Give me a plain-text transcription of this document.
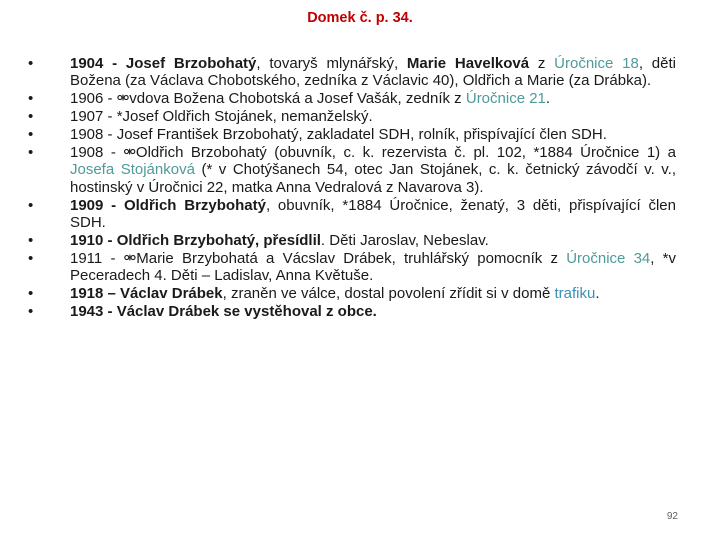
Domek č. p. 34.
•	1904 - Josef Brzobohatý, tovaryš mlynářský, Marie Havelková z Úročnice 18, děti Božena (za Václava Chobotského, zedníka z Václavic 40), Oldřich a Marie (za Drábka).
•	1906 - ⚮vdova Božena Chobotská a Josef Vašák, zedník z Úročnice 21.
•	1907 - *Josef Oldřich Stojánek, nemanželský.
•	1908 - Josef František Brzobohatý, zakladatel SDH, rolník, přispívající člen SDH.
•	1908 - ⚮Oldřich Brzobohatý (obuvník, c. k. rezervista č. pl. 102, *1884 Úročnice 1) a Josefa Stojánková (* v Chotýšanech 54, otec Jan Stojánek, c. k. četnický závodčí v. v., hostinský v Úročnici 22, matka Anna Vedralová z Navarova 3).
•	1909 - Oldřich Brzybohatý, obuvník, *1884 Úročnice, ženatý, 3 děti, přispívající člen SDH.
•	1910 - Oldřich Brzybohatý, přesídlil. Děti Jaroslav, Nebeslav.
•	1911 - ⚮Marie Brzybohatá a Vácslav Drábek, truhlářský pomocník z Úročnice 34, *v Peceradech 4. Děti – Ladislav, Anna Květuše.
•	1918 – Václav Drábek, zraněn ve válce, dostal povolení zřídit si v domě trafiku.
•	1943 - Václav Drábek se vystěhoval z obce.
92
